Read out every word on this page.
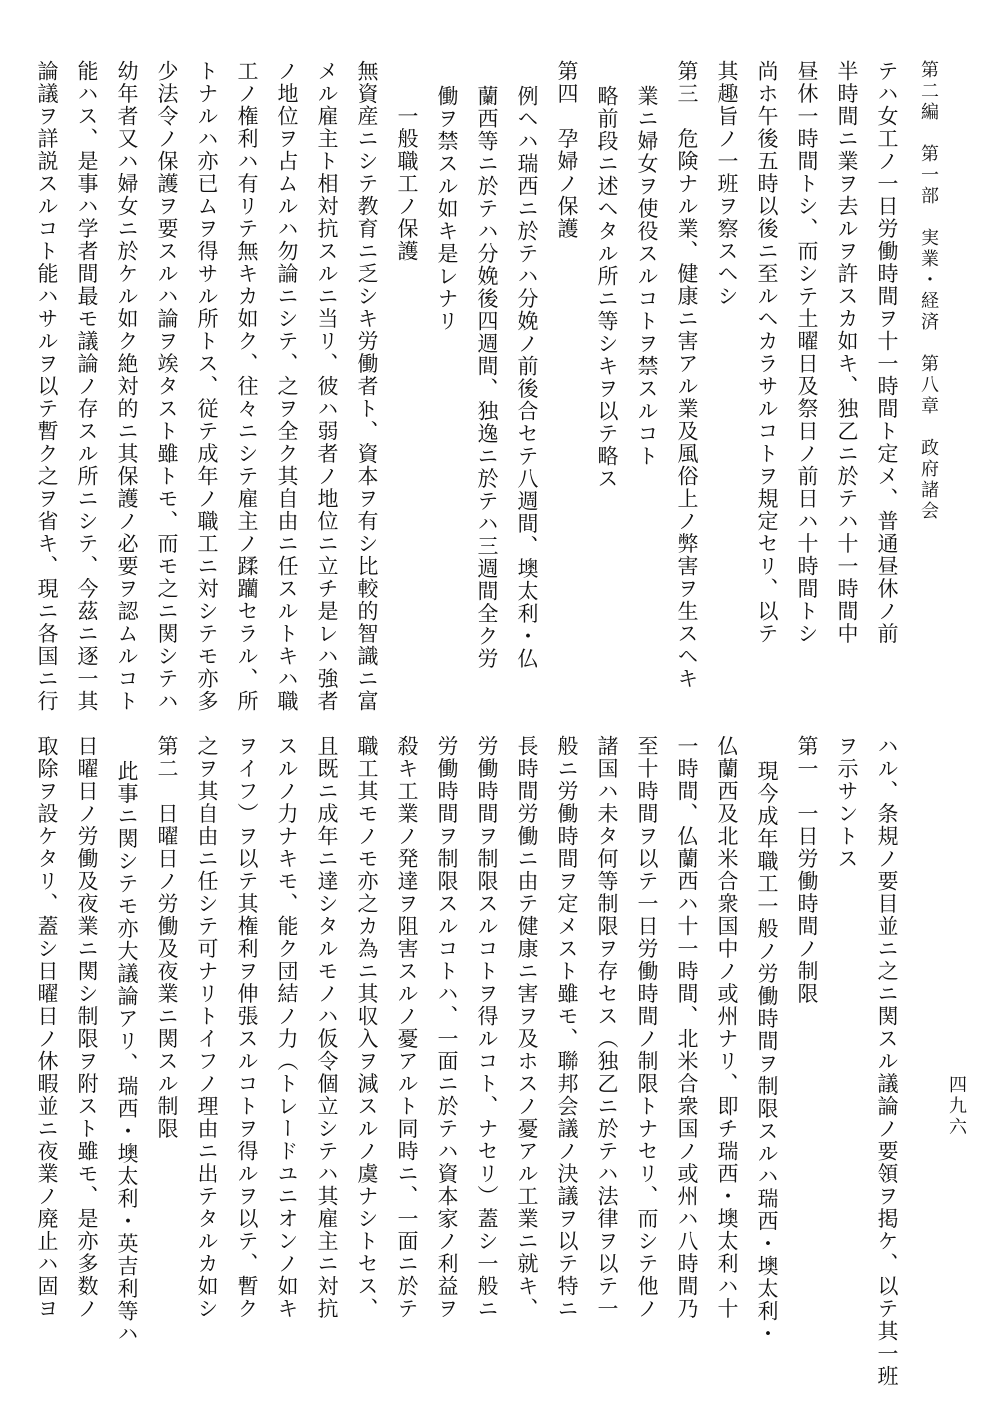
第二編　第一部　実業・経済　第八章　政府諸会
テハ女工ノ一日労働時間ヲ十一時間ト定メ、普通昼休ノ前
半時間ニ業ヲ去ルヲ許スカ如キ、独乙ニ於テハ十一時間中
昼休一時間トシ、而シテ土曜日及祭日ノ前日ハ十時間トシ
尚ホ午後五時以後ニ至ルヘカラサルコトヲ規定セリ、以テ
其趣旨ノ一班ヲ察スヘシ
第三　危険ナル業、健康ニ害アル業及風俗上ノ弊害ヲ生スヘキ
業ニ婦女ヲ使役スルコトヲ禁スルコト
略前段ニ述ヘタル所ニ等シキヲ以テ略ス
第四　孕婦ノ保護
例ヘハ瑞西ニ於テハ分娩ノ前後合セテ八週間、墺太利・仏
蘭西等ニ於テハ分娩後四週間、独逸ニ於テハ三週間全ク労
働ヲ禁スル如キ是レナリ
一般職工ノ保護
無資産ニシテ教育ニ乏シキ労働者ト、資本ヲ有シ比較的智識ニ富
メル雇主ト相対抗スルニ当リ、彼ハ弱者ノ地位ニ立チ是レハ強者
ノ地位ヲ占ムルハ勿論ニシテ、之ヲ全ク其自由ニ任スルトキハ職
工ノ権利ハ有リテ無キカ如ク、往々ニシテ雇主ノ蹂躪セラル、所
トナルハ亦已ムヲ得サル所トス、従テ成年ノ職工ニ対シテモ亦多
少法令ノ保護ヲ要スルハ論ヲ竢タスト雖トモ、而モ之ニ関シテハ
幼年者又ハ婦女ニ於ケル如ク絶対的ニ其保護ノ必要ヲ認ムルコト
能ハス、是事ハ学者間最モ議論ノ存スル所ニシテ、今茲ニ逐一其
論議ヲ詳説スルコト能ハサルヲ以テ暫ク之ヲ省キ、現ニ各国ニ行
ハル、条規ノ要目並ニ之ニ関スル議論ノ要領ヲ掲ケ、以テ其一班
ヲ示サントス
第一　一日労働時間ノ制限
現今成年職工一般ノ労働時間ヲ制限スルハ瑞西・墺太利・
仏蘭西及北米合衆国中ノ或州ナリ、即チ瑞西・墺太利ハ十
一時間、仏蘭西ハ十一時間、北米合衆国ノ或州ハ八時間乃
至十時間ヲ以テ一日労働時間ノ制限トナセリ、而シテ他ノ
諸国ハ未タ何等制限ヲ存セス（独乙ニ於テハ法律ヲ以テ一
般ニ労働時間ヲ定メスト雖モ、聯邦会議ノ決議ヲ以テ特ニ
長時間労働ニ由テ健康ニ害ヲ及ホスノ憂アル工業ニ就キ、
労働時間ヲ制限スルコトヲ得ルコト、ナセリ）蓋シ一般ニ
労働時間ヲ制限スルコトハ、一面ニ於テハ資本家ノ利益ヲ
殺キ工業ノ発達ヲ阻害スルノ憂アルト同時ニ、一面ニ於テ
職工其モノモ亦之カ為ニ其収入ヲ減スルノ虞ナシトセス、
且既ニ成年ニ達シタルモノハ仮令個立シテハ其雇主ニ対抗
スルノ力ナキモ、能ク団結ノ力（トレードユニオンノ如キ
ヲイフ）ヲ以テ其権利ヲ伸張スルコトヲ得ルヲ以テ、暫ク
之ヲ其自由ニ任シテ可ナリトイフノ理由ニ出テタルカ如シ
第二　日曜日ノ労働及夜業ニ関スル制限
此事ニ関シテモ亦大議論アリ、瑞西・墺太利・英吉利等ハ
日曜日ノ労働及夜業ニ関シ制限ヲ附スト雖モ、是亦多数ノ
取除ヲ設ケタリ、蓋シ日曜日ノ休暇並ニ夜業ノ廃止ハ固ヨ	四九六
